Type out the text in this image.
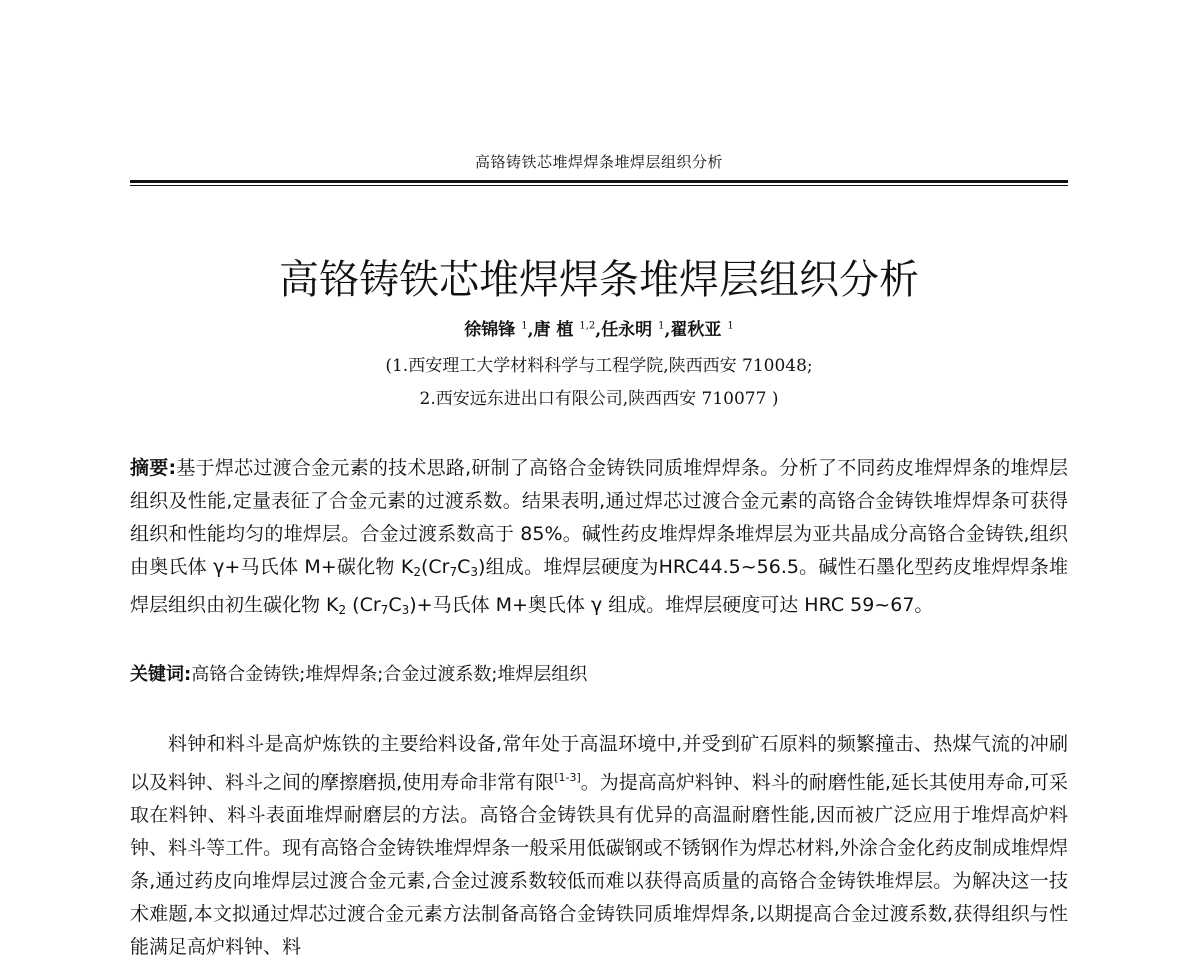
高铬铸铁芯堆焊焊条堆焊层组织分析
高铬铸铁芯堆焊焊条堆焊层组织分析
徐锦锋 $^1$,唐 植 $^{1,2}$,任永明 $^1$,翟秋亚 $^1$
(1.西安理工大学材料科学与工程学院,陕西西安 710048;
2.西安远东进出口有限公司,陕西西安 710077 )
摘要:基于焊芯过渡合金元素的技术思路,研制了高铬合金铸铁同质堆焊焊条。分析了不同药皮堆焊焊条的堆焊层组织及性能,定量表征了合金元素的过渡系数。结果表明,通过焊芯过渡合金元素的高铬合金铸铁堆焊焊条可获得组织和性能均匀的堆焊层。合金过渡系数高于 85%。碱性药皮堆焊焊条堆焊层为亚共晶成分高铬合金铸铁,组织由奥氏体 γ+马氏体 M+碳化物 $K_2(Cr_7C_3)$组成。堆焊层硬度为HRC44.5~56.5。碱性石墨化型药皮堆焊焊条堆焊层组织由初生碳化物 $K_2$ $(Cr_7C_3)+$马氏体 M+奥氏体 γ 组成。堆焊层硬度可达 HRC 59~67。
关键词:高铬合金铸铁;堆焊焊条;合金过渡系数;堆焊层组织
料钟和料斗是高炉炼铁的主要给料设备,常年处于高温环境中,并受到矿石原料的频繁撞击、热煤气流的冲刷以及料钟、料斗之间的摩擦磨损,使用寿命非常有限[1-3]。为提高高炉料钟、料斗的耐磨性能,延长其使用寿命,可采取在料钟、料斗表面堆焊耐磨层的方法。高铬合金铸铁具有优异的高温耐磨性能,因而被广泛应用于堆焊高炉料钟、料斗等工件。现有高铬合金铸铁堆焊焊条一般采用低碳钢或不锈钢作为焊芯材料,外涂合金化药皮制成堆焊焊条,通过药皮向堆焊层过渡合金元素,合金过渡系数较低而难以获得高质量的高铬合金铸铁堆焊层。为解决这一技术难题,本文拟通过焊芯过渡合金元素方法制备高铬合金铸铁同质堆焊焊条,以期提高合金过渡系数,获得组织与性能满足高炉料钟、料
